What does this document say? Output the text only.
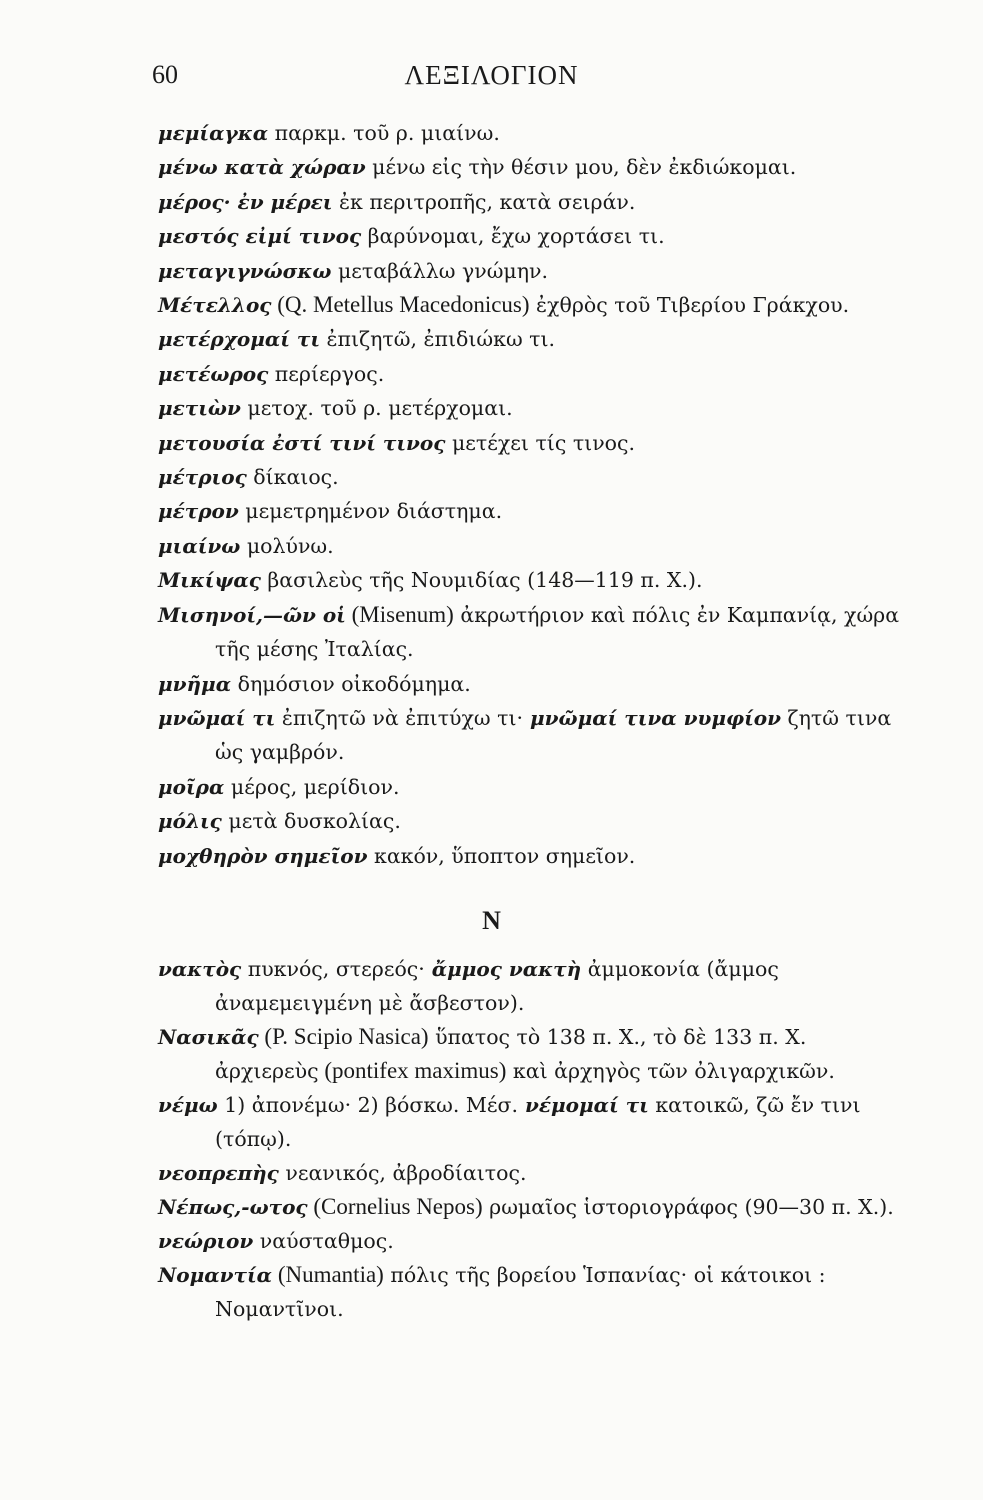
60	ΛΕΞΙΛΟΓΙΟΝ

μεμίαγκα παρκμ. τοῦ ρ. μιαίνω.

μένω κατὰ χώραν μένω εἰς τὴν θέσιν μου, δὲν ἐκδιώκομαι.

μέρος· ἐν μέρει ἐκ περιτροπῆς, κατὰ σειράν.

μεστός εἰμί τινος βαρύνομαι, ἔχω χορτάσει τι.

μεταγιγνώσκω μεταβάλλω γνώμην.

Μέτελλος (Q. Metellus Macedonicus) ἐχθρὸς τοῦ Τιβερίου Γράκχου.

μετέρχομαί τι ἐπιζητῶ, ἐπιδιώκω τι.

μετέωρος περίεργος.

μετιὼν μετοχ. τοῦ ρ. μετέρχομαι.

μετουσία ἐστί τινί τινος μετέχει τίς τινος.

μέτριος δίκαιος.

μέτρον μεμετρημένον διάστημα.

μιαίνω μολύνω.

Μικίψας βασιλεὺς τῆς Νουμιδίας (148—119 π. Χ.).

Μισηνοί,—ῶν οἱ (Misenum) ἀκρωτήριον καὶ πόλις ἐν Καμπανίᾳ, χώρα τῆς μέσης Ἰταλίας.

μνῆμα δημόσιον οἰκοδόμημα.

μνῶμαί τι ἐπιζητῶ νὰ ἐπιτύχω τι· μνῶμαί τινα νυμφίον ζητῶ τινα ὡς γαμβρόν.

μοῖρα μέρος, μερίδιον.

μόλις μετὰ δυσκολίας.

μοχθηρὸν σημεῖον κακόν, ὕποπτον σημεῖον.

N

νακτὸς πυκνός, στερεός· ἄμμος νακτὴ ἀμμοκονία (ἄμμος ἀναμεμειγμένη μὲ ἄσβεστον).

Νασικᾶς (P. Scipio Nasica) ὕπατος τὸ 138 π. Χ., τὸ δὲ 133 π. Χ. ἀρχιερεὺς (pontifex maximus) καὶ ἀρχηγὸς τῶν ὀλιγαρχικῶν.

νέμω 1) ἀπονέμω· 2) βόσκω. Μέσ. νέμομαί τι κατοικῶ, ζῶ ἔν τινι (τόπῳ).

νεοπρεπὴς νεανικός, ἀβροδίαιτος.

Νέπως,-ωτος (Cornelius Nepos) ρωμαῖος ἱστοριογράφος (90—30 π. Χ.).

νεώριον ναύσταθμος.

Νομαντία (Numantia) πόλις τῆς βορείου Ἱσπανίας· οἱ κάτοικοι : Νομαντῖνοι.
